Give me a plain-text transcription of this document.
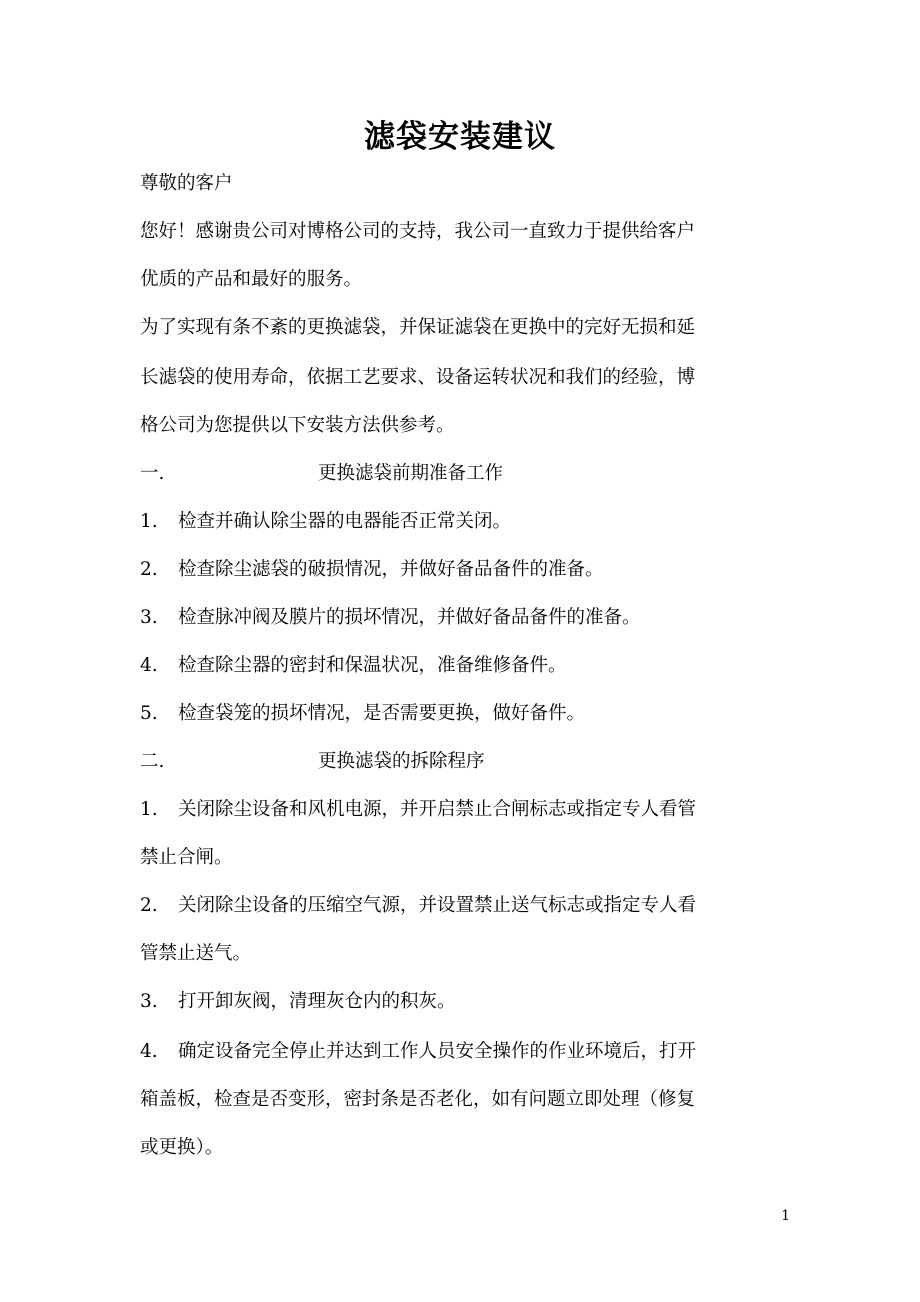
滤袋安装建议
尊敬的客户
您好！感谢贵公司对博格公司的支持，我公司一直致力于提供给客户
优质的产品和最好的服务。
为了实现有条不紊的更换滤袋，并保证滤袋在更换中的完好无损和延
长滤袋的使用寿命，依据工艺要求、设备运转状况和我们的经验，博
格公司为您提供以下安装方法供参考。
一.	更换滤袋前期准备工作
1. 检查并确认除尘器的电器能否正常关闭。
2. 检查除尘滤袋的破损情况，并做好备品备件的准备。
3. 检查脉冲阀及膜片的损坏情况，并做好备品备件的准备。
4. 检查除尘器的密封和保温状况，准备维修备件。
5. 检查袋笼的损坏情况，是否需要更换，做好备件。
二.	更换滤袋的拆除程序
1. 关闭除尘设备和风机电源，并开启禁止合闸标志或指定专人看管
禁止合闸。
2. 关闭除尘设备的压缩空气源，并设置禁止送气标志或指定专人看
管禁止送气。
3. 打开卸灰阀，清理灰仓内的积灰。
4. 确定设备完全停止并达到工作人员安全操作的作业环境后，打开
箱盖板，检查是否变形，密封条是否老化，如有问题立即处理（修复
或更换）。
1
